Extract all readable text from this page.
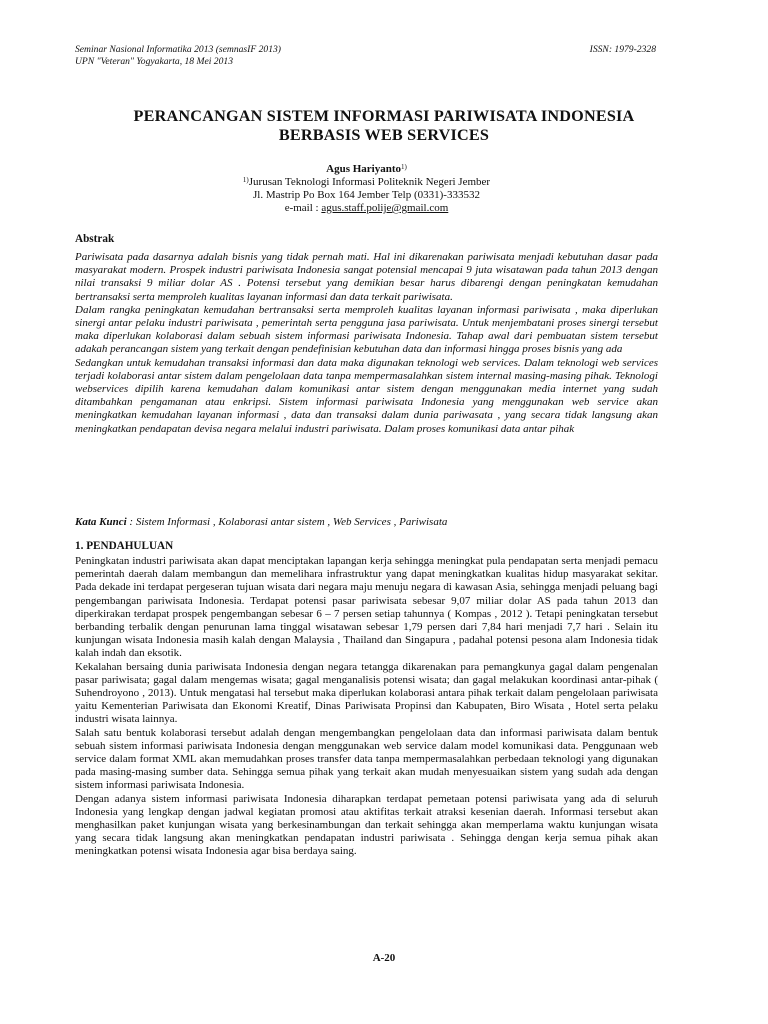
Seminar Nasional Informatika 2013 (semnasIF 2013)
UPN "Veteran" Yogyakarta, 18 Mei 2013
ISSN: 1979-2328
PERANCANGAN SISTEM INFORMASI PARIWISATA INDONESIA
BERBASIS WEB SERVICES
Agus Hariyanto$^{1)}$
$^{1)}$Jurusan Teknologi Informasi Politeknik Negeri Jember
Jl. Mastrip Po Box 164 Jember Telp (0331)-333532
e-mail : agus.staff.polije@gmail.com
Abstrak

Pariwisata pada dasarnya adalah bisnis yang tidak pernah mati. Hal ini dikarenakan pariwisata menjadi kebutuhan dasar pada masyarakat modern. Prospek industri pariwisata Indonesia sangat potensial mencapai 9 juta wisatawan pada tahun 2013 dengan nilai transaksi 9 miliar dolar AS . Potensi tersebut yang demikian besar harus dibarengi dengan peningkatan kemudahan bertransaksi serta memproleh kualitas layanan informasi dan data terkait pariwisata.

Dalam rangka peningkatan kemudahan bertransaksi serta memproleh kualitas layanan informasi pariwisata , maka diperlukan sinergi antar pelaku industri pariwisata , pemerintah serta pengguna jasa pariwisata. Untuk menjembatani proses sinergi tersebut maka diperlukan kolaborasi dalam sebuah sistem informasi pariwisata Indonesia. Tahap awal dari pembuatan sistem tersebut adakah perancangan sistem yang terkait dengan pendefinisian kebutuhan data dan informasi hingga proses bisnis yang ada

Sedangkan untuk kemudahan transaksi informasi dan data maka digunakan teknologi web services. Dalam teknologi web services terjadi kolaborasi antar sistem dalam pengelolaan data tanpa mempermasalahkan sistem internal masing-masing pihak. Teknologi webservices dipilih karena kemudahan dalam komunikasi antar sistem dengan menggunakan media internet yang sudah ditambahkan pengamanan atau enkripsi. Sistem informasi pariwisata Indonesia yang menggunakan web service akan meningkatkan kemudahan layanan informasi , data dan transaksi dalam dunia pariwasata , yang secara tidak langsung akan meningkatkan pendapatan devisa negara melalui industri pariwisata. Dalam proses komunikasi data antar pihak

Kata Kunci : Sistem Informasi , Kolaborasi antar sistem , Web Services , Pariwisata
1. PENDAHULUAN

Peningkatan industri pariwisata akan dapat menciptakan lapangan kerja sehingga meningkat pula pendapatan serta menjadi pemacu pemerintah daerah dalam membangun dan memelihara infrastruktur yang dapat meningkatkan kualitas hidup masyarakat sekitar. Pada dekade ini terdapat pergeseran tujuan wisata dari negara maju menuju negara di kawasan Asia, sehingga menjadi peluang bagi pengembangan pariwisata Indonesia. Terdapat potensi pasar pariwisata sebesar 9,07 miliar dolar AS pada tahun 2013 dan diperkirakan terdapat prospek pengembangan sebesar 6 – 7 persen setiap tahunnya ( Kompas , 2012 ). Tetapi peningkatan tersebut berbanding terbalik dengan penurunan lama tinggal wisatawan sebesar 1,79 persen dari 7,84 hari menjadi 7,7 hari . Selain itu kunjungan wisata Indonesia masih kalah dengan Malaysia , Thailand dan Singapura , padahal potensi pesona alam Indonesia tidak kalah indah dan eksotik.

Kekalahan bersaing dunia pariwisata Indonesia dengan negara tetangga dikarenakan para pemangkunya gagal dalam pengenalan pasar pariwisata; gagal dalam mengemas wisata; gagal menganalisis potensi wisata; dan gagal melakukan koordinasi antar-pihak ( Suhendroyono , 2013). Untuk mengatasi hal tersebut maka diperlukan kolaborasi antara pihak terkait dalam pengelolaan pariwisata yaitu Kementerian Pariwisata dan Ekonomi Kreatif, Dinas Pariwisata Propinsi dan Kabupaten, Biro Wisata , Hotel serta pelaku industri wisata lainnya.

Salah satu bentuk kolaborasi tersebut adalah dengan mengembangkan pengelolaan data dan informasi pariwisata dalam bentuk sebuah sistem informasi pariwisata Indonesia dengan menggunakan web service dalam model komunikasi data. Penggunaan web service dalam format XML akan memudahkan proses transfer data tanpa mempermasalahkan perbedaan teknologi yang digunakan pada masing-masing sumber data. Sehingga semua pihak yang terkait akan mudah menyesuaikan sistem yang sudah ada dengan sistem informasi pariwisata Indonesia.

Dengan adanya sistem informasi pariwisata Indonesia diharapkan terdapat pemetaan potensi pariwisata yang ada di seluruh Indonesia yang lengkap dengan jadwal kegiatan promosi atau aktifitas terkait atraksi kesenian daerah. Informasi tersebut akan menghasilkan paket kunjungan wisata yang berkesinambungan dan terkait sehingga akan memperlama waktu kunjungan wisata yang secara tidak langsung akan meningkatkan pendapatan industri pariwisata . Sehingga dengan kerja semua pihak akan meningkatkan potensi wisata Indonesia agar bisa berdaya saing.

A-20
